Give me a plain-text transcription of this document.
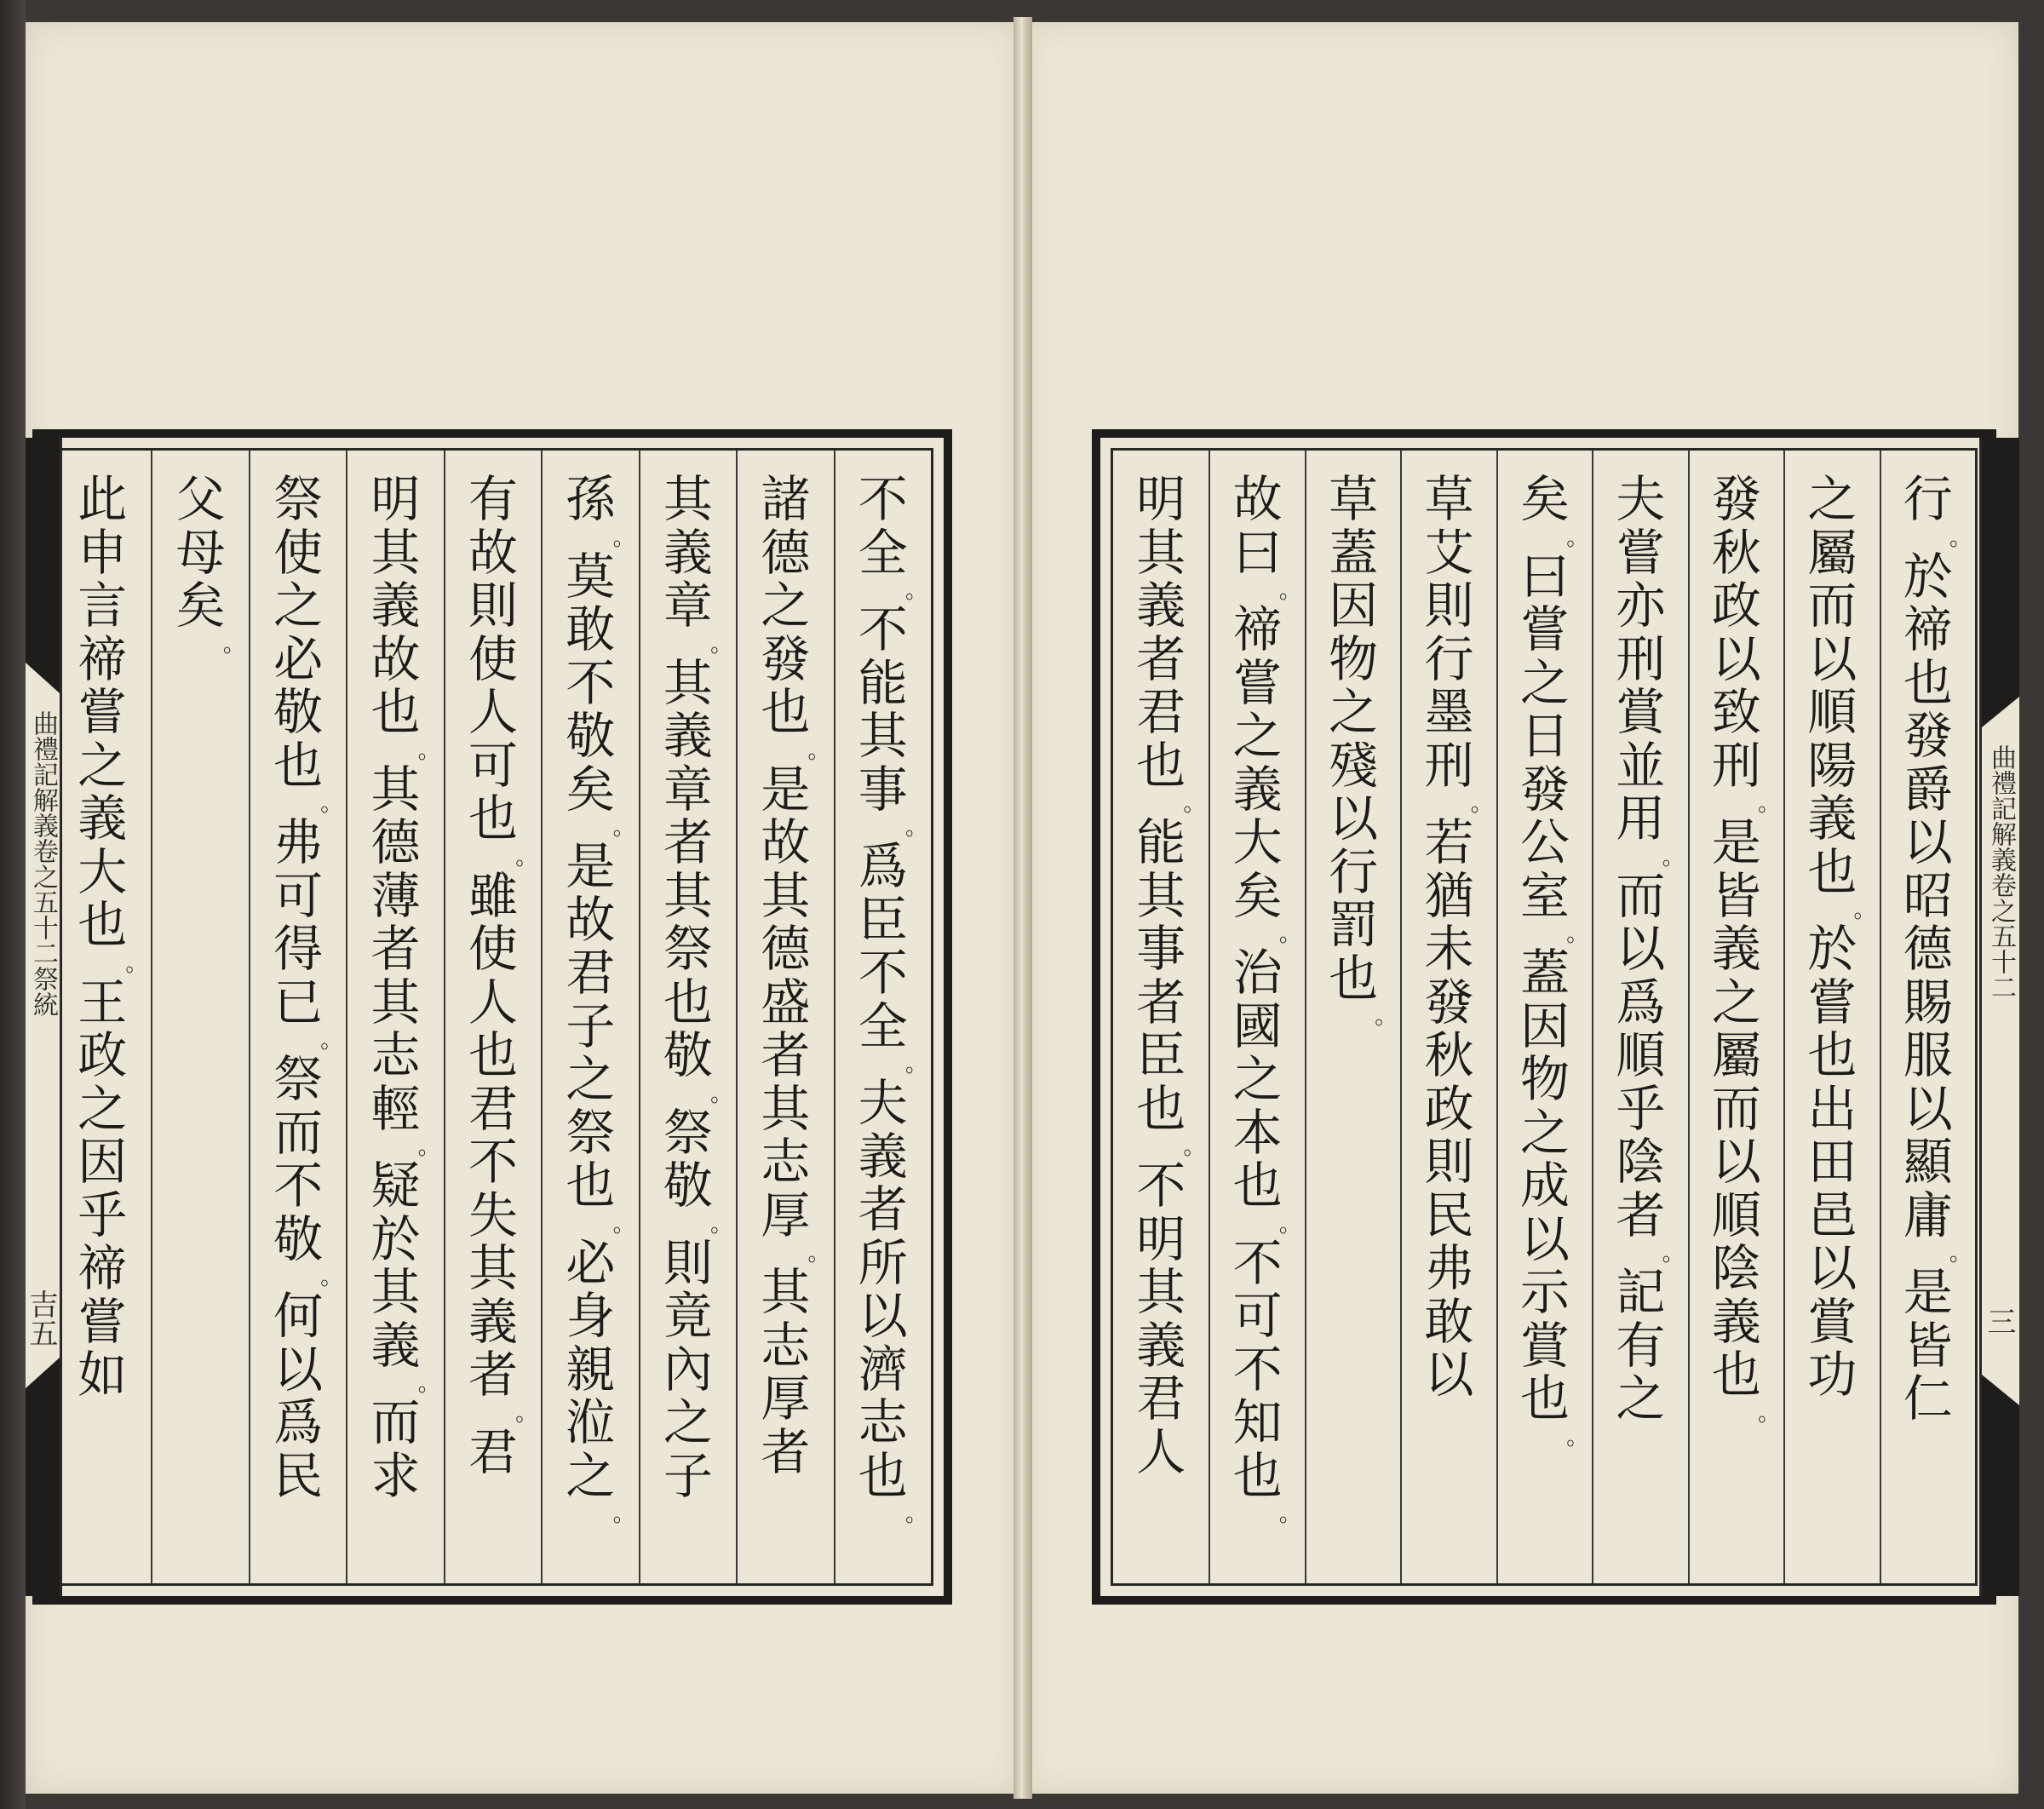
不
全
。
不
能
其
事
。
爲
臣
不
全
。
夫
義
者
所
以
濟
志
也
。
諸
德
之
發
也
。
是
故
其
德
盛
者
其
志
厚
。
其
志
厚
者
其
義
章
。
其
義
章
者
其
祭
也
敬
。
祭
敬
。
則
竟
內
之
子
孫
。
莫
敢
不
敬
矣
。
是
故
君
子
之
祭
也
。
必
身
親
涖
之
。
有
故
則
使
人
可
也
。
雖
使
人
也
君
不
失
其
義
者
。
君
明
其
義
故
也
。
其
德
薄
者
其
志
輕
。
疑
於
其
義
。
而
求
祭
使
之
必
敬
也
。
弗
可
得
已
。
祭
而
不
敬
。
何
以
爲
民
父
母
矣
。
此
申
言
禘
嘗
之
義
大
也
。
王
政
之
因
乎
禘
嘗
如
行
。
於
禘
也
發
爵
以
昭
德
賜
服
以
顯
庸
。
是
皆
仁
之
屬
而
以
順
陽
義
也
。
於
嘗
也
出
田
邑
以
賞
功
發
秋
政
以
致
刑
。
是
皆
義
之
屬
而
以
順
陰
義
也
。
夫
嘗
亦
刑
賞
並
用
。
而
以
爲
順
乎
陰
者
。
記
有
之
矣
。
曰
嘗
之
日
發
公
室
。
蓋
因
物
之
成
以
示
賞
也
。
草
艾
則
行
墨
刑
。
若
猶
未
發
秋
政
則
民
弗
敢
以
草
蓋
因
物
之
殘
以
行
罰
也
。
故
曰
。
禘
嘗
之
義
大
矣
。
治
國
之
本
也
。
不
可
不
知
也
。
明
其
義
者
君
也
。
能
其
事
者
臣
也
。
不
明
其
義
君
人
曲禮記解義卷之五十二祭統
吉五
曲禮記解義卷之五十二
三
